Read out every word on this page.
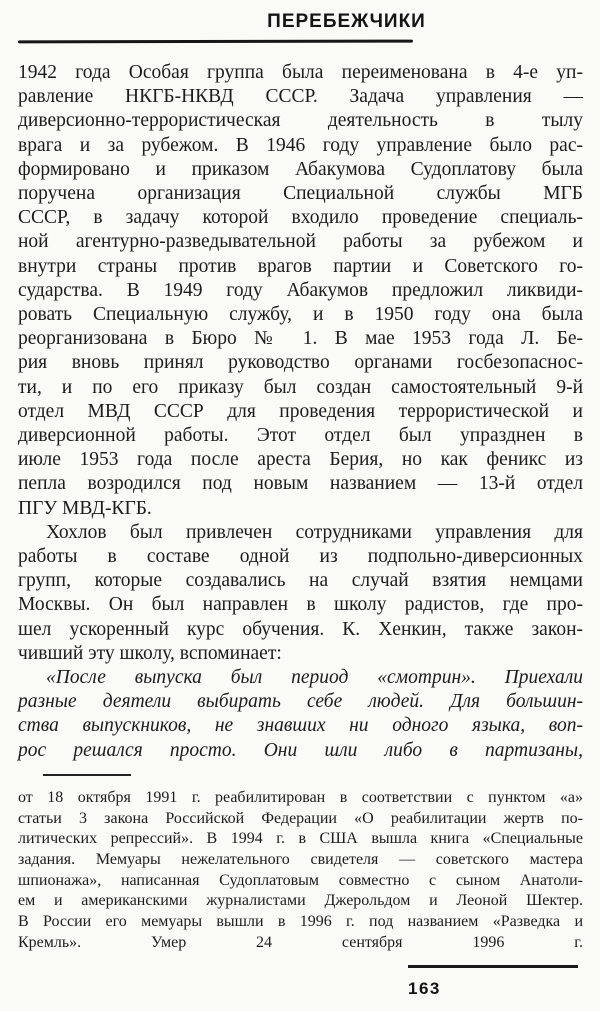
ПЕРЕБЕЖЧИКИ
1942 года Особая группа была переименована в 4-е уп-
равление НКГБ-НКВД СССР. Задача управления —
диверсионно-террористическая деятельность в тылу
врага и за рубежом. В 1946 году управление было рас-
формировано и приказом Абакумова Судоплатову была
поручена организация Специальной службы МГБ
СССР, в задачу которой входило проведение специаль-
ной агентурно-разведывательной работы за рубежом и
внутри страны против врагов партии и Советского го-
сударства. В 1949 году Абакумов предложил ликвиди-
ровать Специальную службу, и в 1950 году она была
реорганизована в Бюро № 1. В мае 1953 года Л. Бе-
рия вновь принял руководство органами госбезопаснос-
ти, и по его приказу был создан самостоятельный 9-й
отдел МВД СССР для проведения террористической и
диверсионной работы. Этот отдел был упразднен в
июле 1953 года после ареста Берия, но как феникс из
пепла возродился под новым названием — 13-й отдел
ПГУ МВД-КГБ.
Хохлов был привлечен сотрудниками управления для
работы в составе одной из подпольно-диверсионных
групп, которые создавались на случай взятия немцами
Москвы. Он был направлен в школу радистов, где про-
шел ускоренный курс обучения. К. Хенкин, также закон-
чивший эту школу, вспоминает:
«После выпуска был период «смотрин». Приехали
разные деятели выбирать себе людей. Для большин-
ства выпускников, не знавших ни одного языка, воп-
рос решался просто. Они шли либо в партизаны,
от 18 октября 1991 г. реабилитирован в соответствии с пунктом «а»
статьи 3 закона Российской Федерации «О реабилитации жертв по-
литических репрессий». В 1994 г. в США вышла книга «Специальные
задания. Мемуары нежелательного свидетеля — советского мастера
шпионажа», написанная Судоплатовым совместно с сыном Анатоли-
ем и американскими журналистами Джерольдом и Леоной Шектер.
В России его мемуары вышли в 1996 г. под названием «Разведка и
Кремль». Умер 24 сентября 1996 г.
163
